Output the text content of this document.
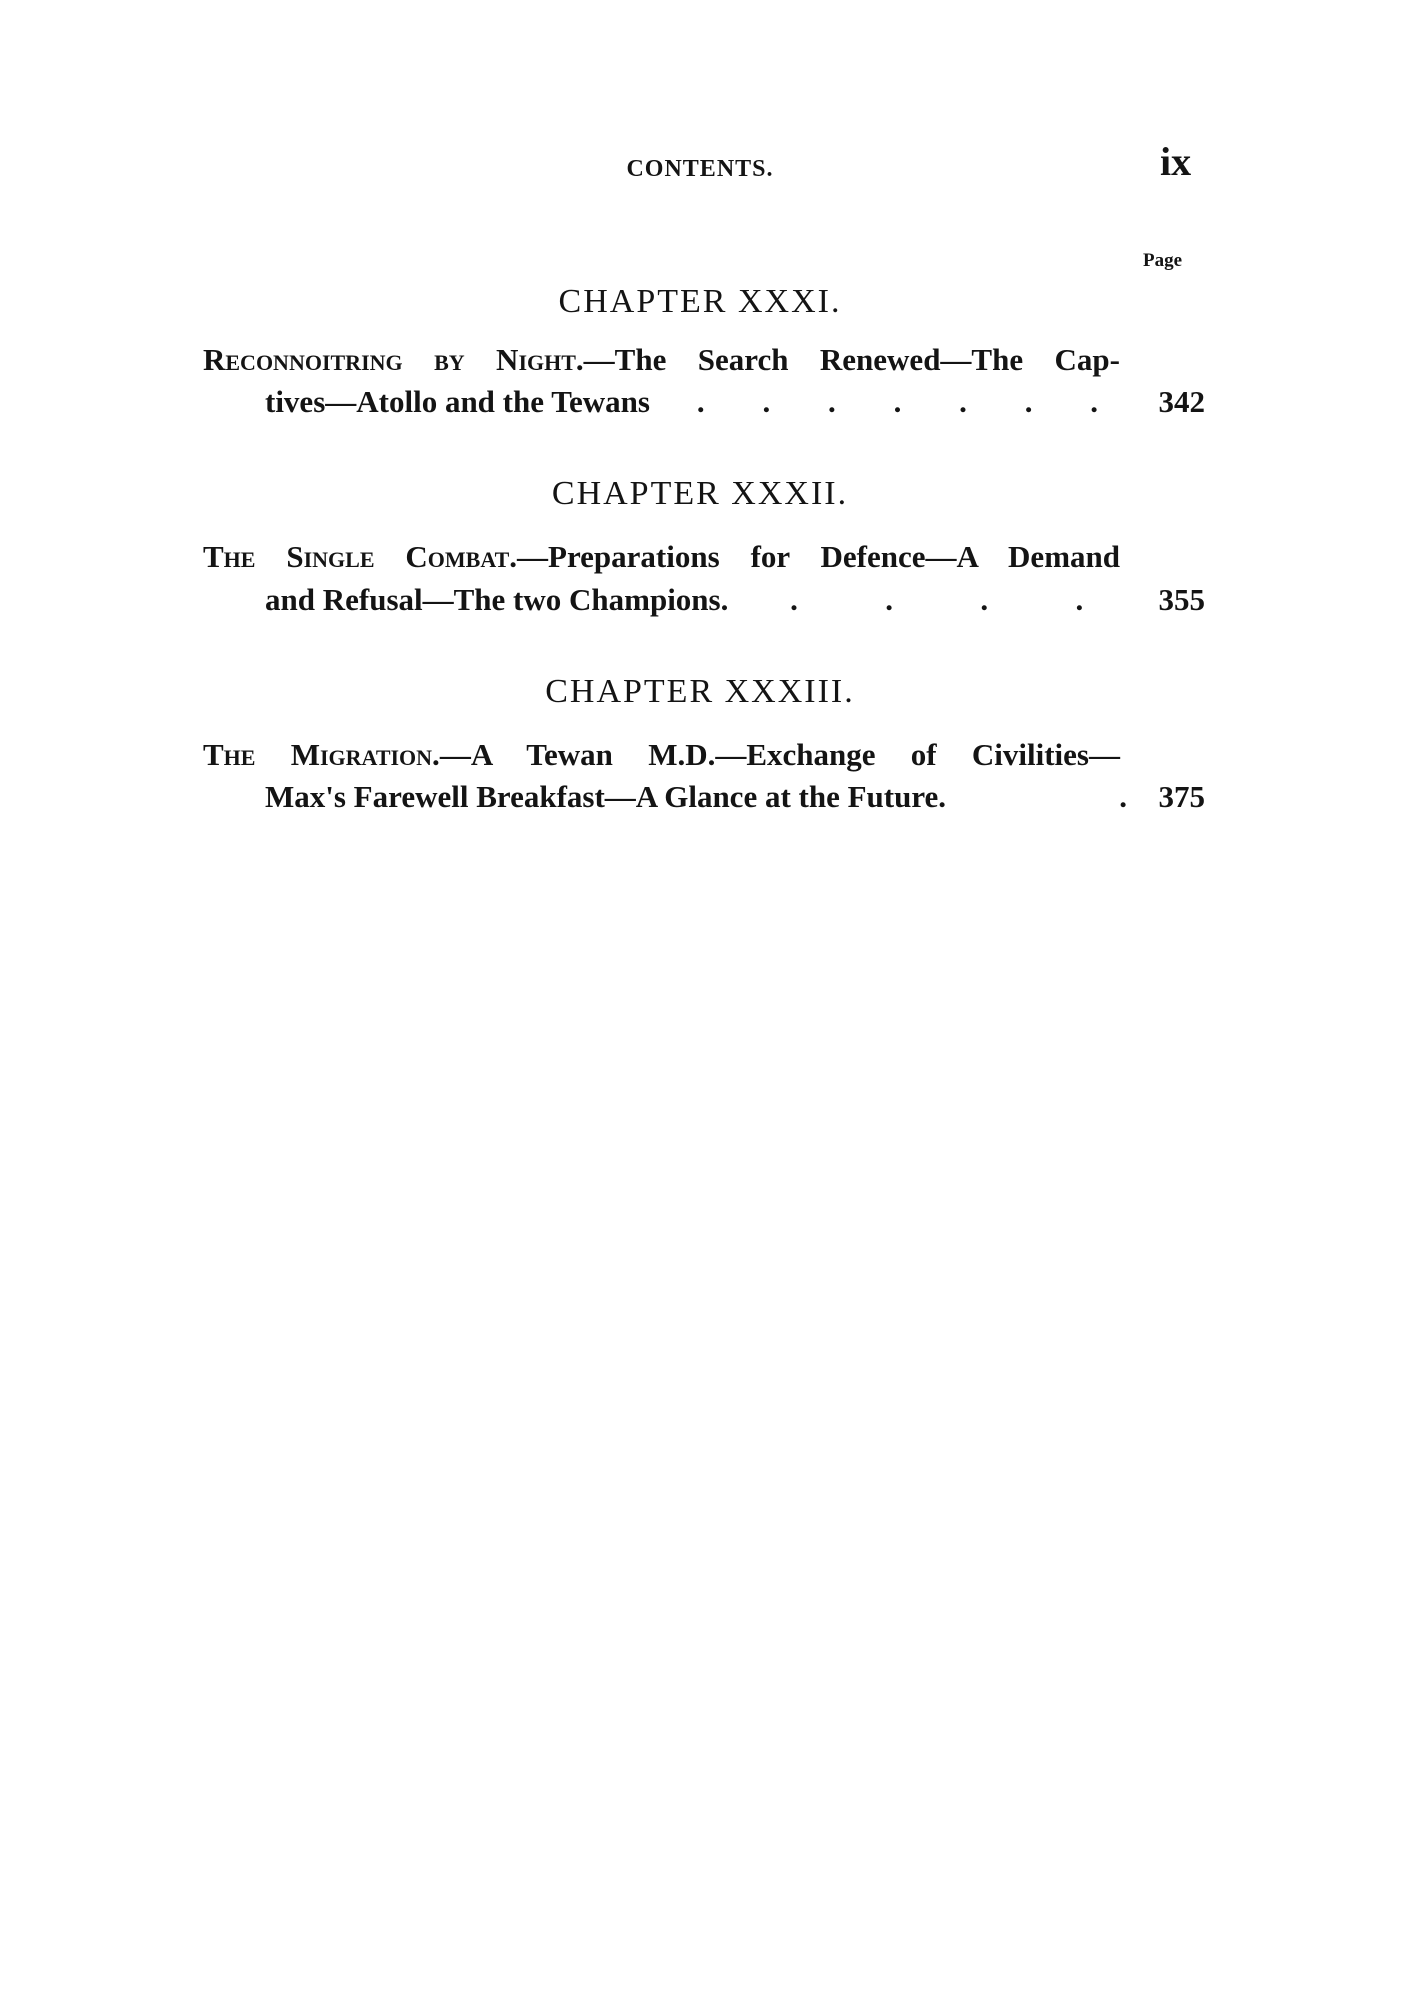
CONTENTS.	ix
Page
CHAPTER XXXI.
Reconnoitring by Night.—The Search Renewed—The Cap-
tives—Atollo and the Tewans . . . . . . .	342
CHAPTER XXXII.
The Single Combat.—Preparations for Defence—A Demand
and Refusal—The two Champions. .	.	.	.	355
CHAPTER XXXIII.
The Migration.—A Tewan M.D.—Exchange of Civilities—
Max's Farewell Breakfast—A Glance at the Future.	.	375
